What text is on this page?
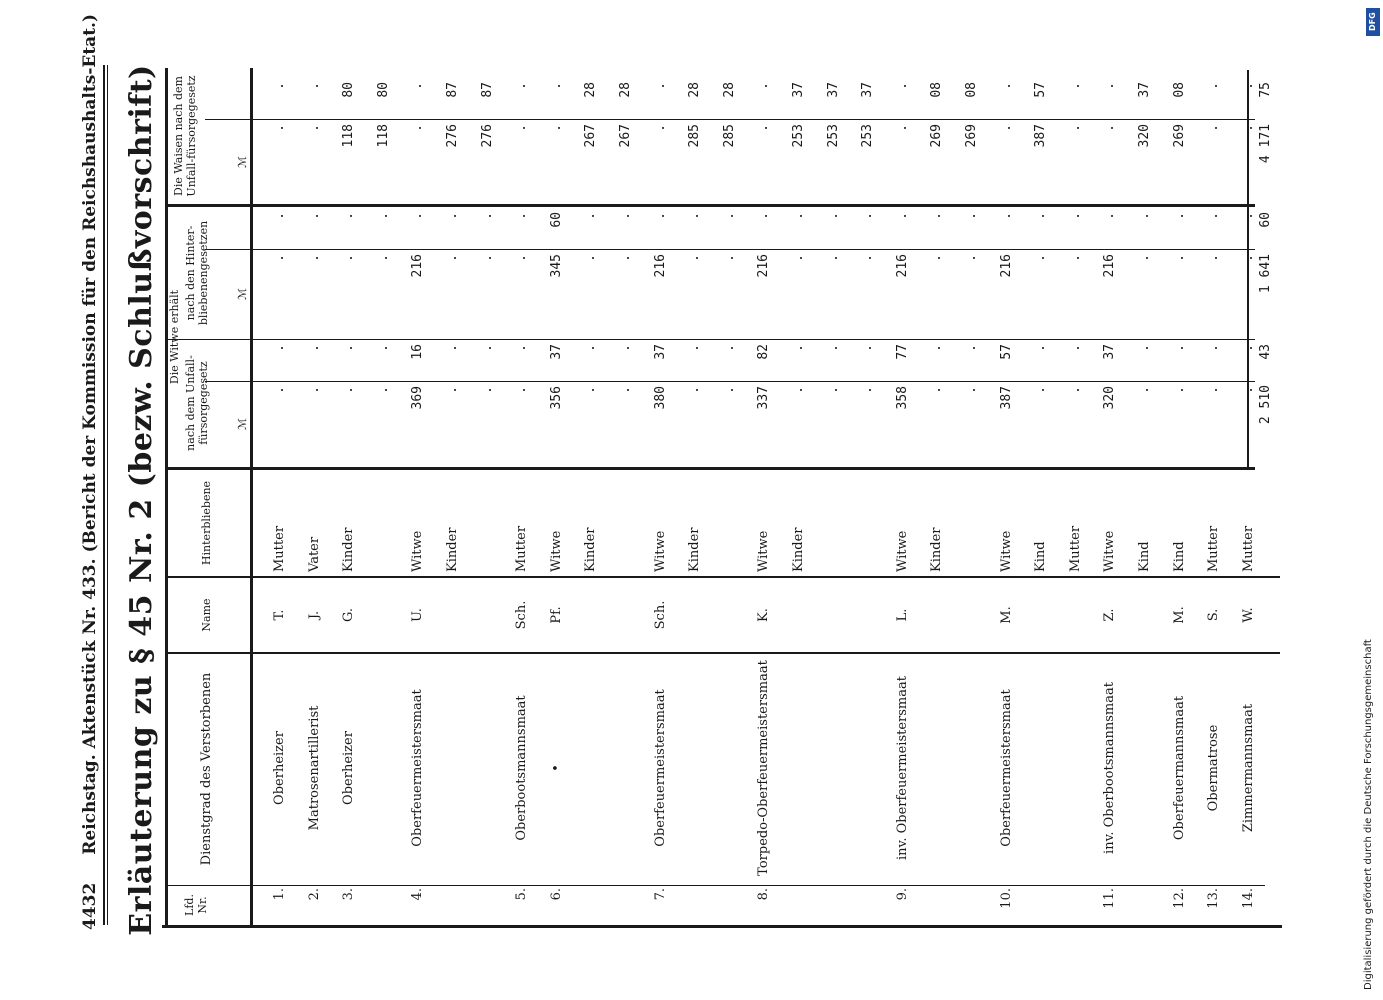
4432 Reichstag. Aktenstück Nr. 433. (Bericht der Kommission für den Reichshaushalts-Etat.) Erläuterung zu § 45 Nr. 2 (bezw. Schlußvorschrift) Lfd. Nr.
Dienstgrad des Verstorbenen
Name
Hinterbliebene
Die Witwe erhält
nach dem Unfall-fürsorgegesetz
nach den Hinter-bliebenengesetzen
Die Waisen nach dem Unfall-fürsorgegesetz
ℳ
ℳ
ℳ
1.
Oberheizer
T.
Mutter
.
.
.
.
.
.
2.
Matrosenartillerist
J.
Vater
.
.
.
.
.
.
3.
Oberheizer
G.
Kinder
.
.
.
.
118
80
.
.
.
.
118
80
4.
Oberfeuermeistersmaat
U.
Witwe
369
16
216
.
.
.
Kinder
.
.
.
.
276
87
.
.
.
.
276
87
5.
Oberbootsmannsmaat
Sch.
Mutter
.
.
.
.
.
.
6.
•
Pf.
Witwe
356
37
345
60
.
.
Kinder
.
.
.
.
267
28
.
.
.
.
267
28
7.
Oberfeuermeistersmaat
Sch.
Witwe
380
37
216
.
.
.
Kinder
.
.
.
.
285
28
.
.
.
.
285
28
8.
Torpedo-Oberfeuermeistersmaat
K.
Witwe
337
82
216
.
.
.
Kinder
.
.
.
.
253
37
.
.
.
.
253
37
.
.
.
.
253
37
9.
inv. Oberfeuermeistersmaat
L.
Witwe
358
77
216
.
.
.
Kinder
.
.
.
.
269
08
.
.
.
.
269
08
10.
Oberfeuermeistersmaat
M.
Witwe
387
57
216
.
.
.
Kind
.
.
.
.
387
57
Mutter
.
.
.
.
.
.
11.
inv. Oberbootsmannsmaat
Z.
Witwe
320
37
216
.
.
.
Kind
.
.
.
.
320
37
12.
Oberfeuermannsmaat
M.
Kind
.
.
.
.
269
08
13.
Obermatrose
S.
Mutter
.
.
.
.
.
.
14.
Zimmermannsmaat
W.
Mutter
.
.
.
.
.
.
2 510
43
1 641
60
4 171
75
DFG
Digitalisierung gefördert durch die Deutsche Forschungsgemeinschaft
